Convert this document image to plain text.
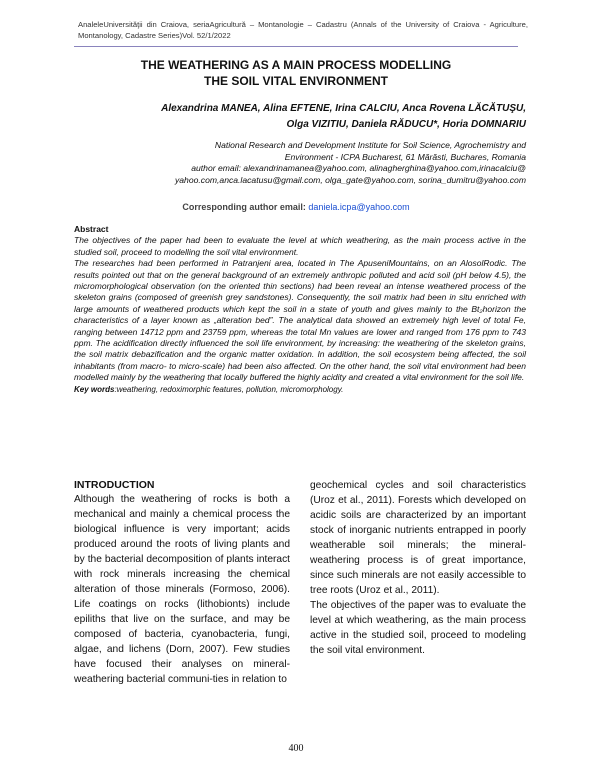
AnaleleUniversităţii din Craiova, seriaAgricultură – Montanologie – Cadastru (Annals of the University of Craiova - Agriculture, Montanology, Cadastre Series)Vol. 52/1/2022
THE WEATHERING AS A MAIN PROCESS MODELLING
THE SOIL VITAL ENVIRONMENT
Alexandrina MANEA, Alina EFTENE, Irina CALCIU, Anca Rovena LĂCĂTUŞU,
Olga VIZITIU, Daniela RĂDUCU*, Horia DOMNARIU
National Research and Development Institute for Soil Science, Agrochemistry and
Environment - ICPA Bucharest, 61 Mărăsti, Buchares, Romania
author email: alexandrinamanea@yahoo.com, alinagherghina@yahoo.com,irinacalciu@
yahoo.com,anca.lacatusu@gmail.com, olga_gate@yahoo.com, sorina_dumitru@yahoo.com
Corresponding author email: daniela.icpa@yahoo.com
Abstract

The objectives of the paper had been to evaluate the level at which weathering, as the main process active in the studied soil, proceed to modelling the soil vital environment.

The researches had been performed in Patranjeni area, located in The ApuseniMountains, on an AlosolRodic. The results pointed out that on the general background of an extremely anthropic polluted and acid soil (pH below 4.5), the micromorphological observation (on the oriented thin sections) had been reveal an intense weathered process of the skeleton grains (composed of greenish grey sandstones). Consequently, the soil matrix had been in situ enriched with large amounts of weathered products which kept the soil in a state of youth and gives mainly to the Bt₂horizon the characteristics of a layer known as „alteration bed”. The analytical data showed an extremely high level of total Fe, ranging between 14712 ppm and 23759 ppm, whereas the total Mn values are lower and ranged from 176 ppm to 743 ppm. The acidification directly influenced the soil life environment, by increasing: the weathering of the skeleton grains, the soil matrix debazification and the organic matter oxidation. In addition, the soil ecosystem being affected, the soil inhabitants (from macro- to micro-scale) had been also affected. On the other hand, the soil vital environment had been modelled mainly by the weathering that locally buffered the highly acidity and created a vital environment for the soil life.

Key words:weathering, redoximorphic features, pollution, micromorphology.

INTRODUCTION

Although the weathering of rocks is both a mechanical and mainly a chemical process the biological influence is very important; acids produced around the roots of living plants and by the bacterial decomposition of plants interact with rock minerals increasing the chemical alteration of those minerals (Formoso, 2006). Life coatings on rocks (lithobionts) include epiliths that live on the surface, and may be composed of bacteria, cyanobacteria, fungi, algae, and lichens (Dorn, 2007). Few studies have focused their analyses on mineral-weathering bacterial communi-ties in relation to

geochemical cycles and soil characteristics (Uroz et al., 2011). Forests which developed on acidic soils are characterized by an important stock of inorganic nutrients entrapped in poorly weatherable soil minerals; the mineral-weathering process is of great importance, since such minerals are not easily accessible to tree roots (Uroz et al., 2011).

The objectives of the paper was to evaluate the level at which weathering, as the main process active in the studied soil, proceed to modeling the soil vital environment.

400
